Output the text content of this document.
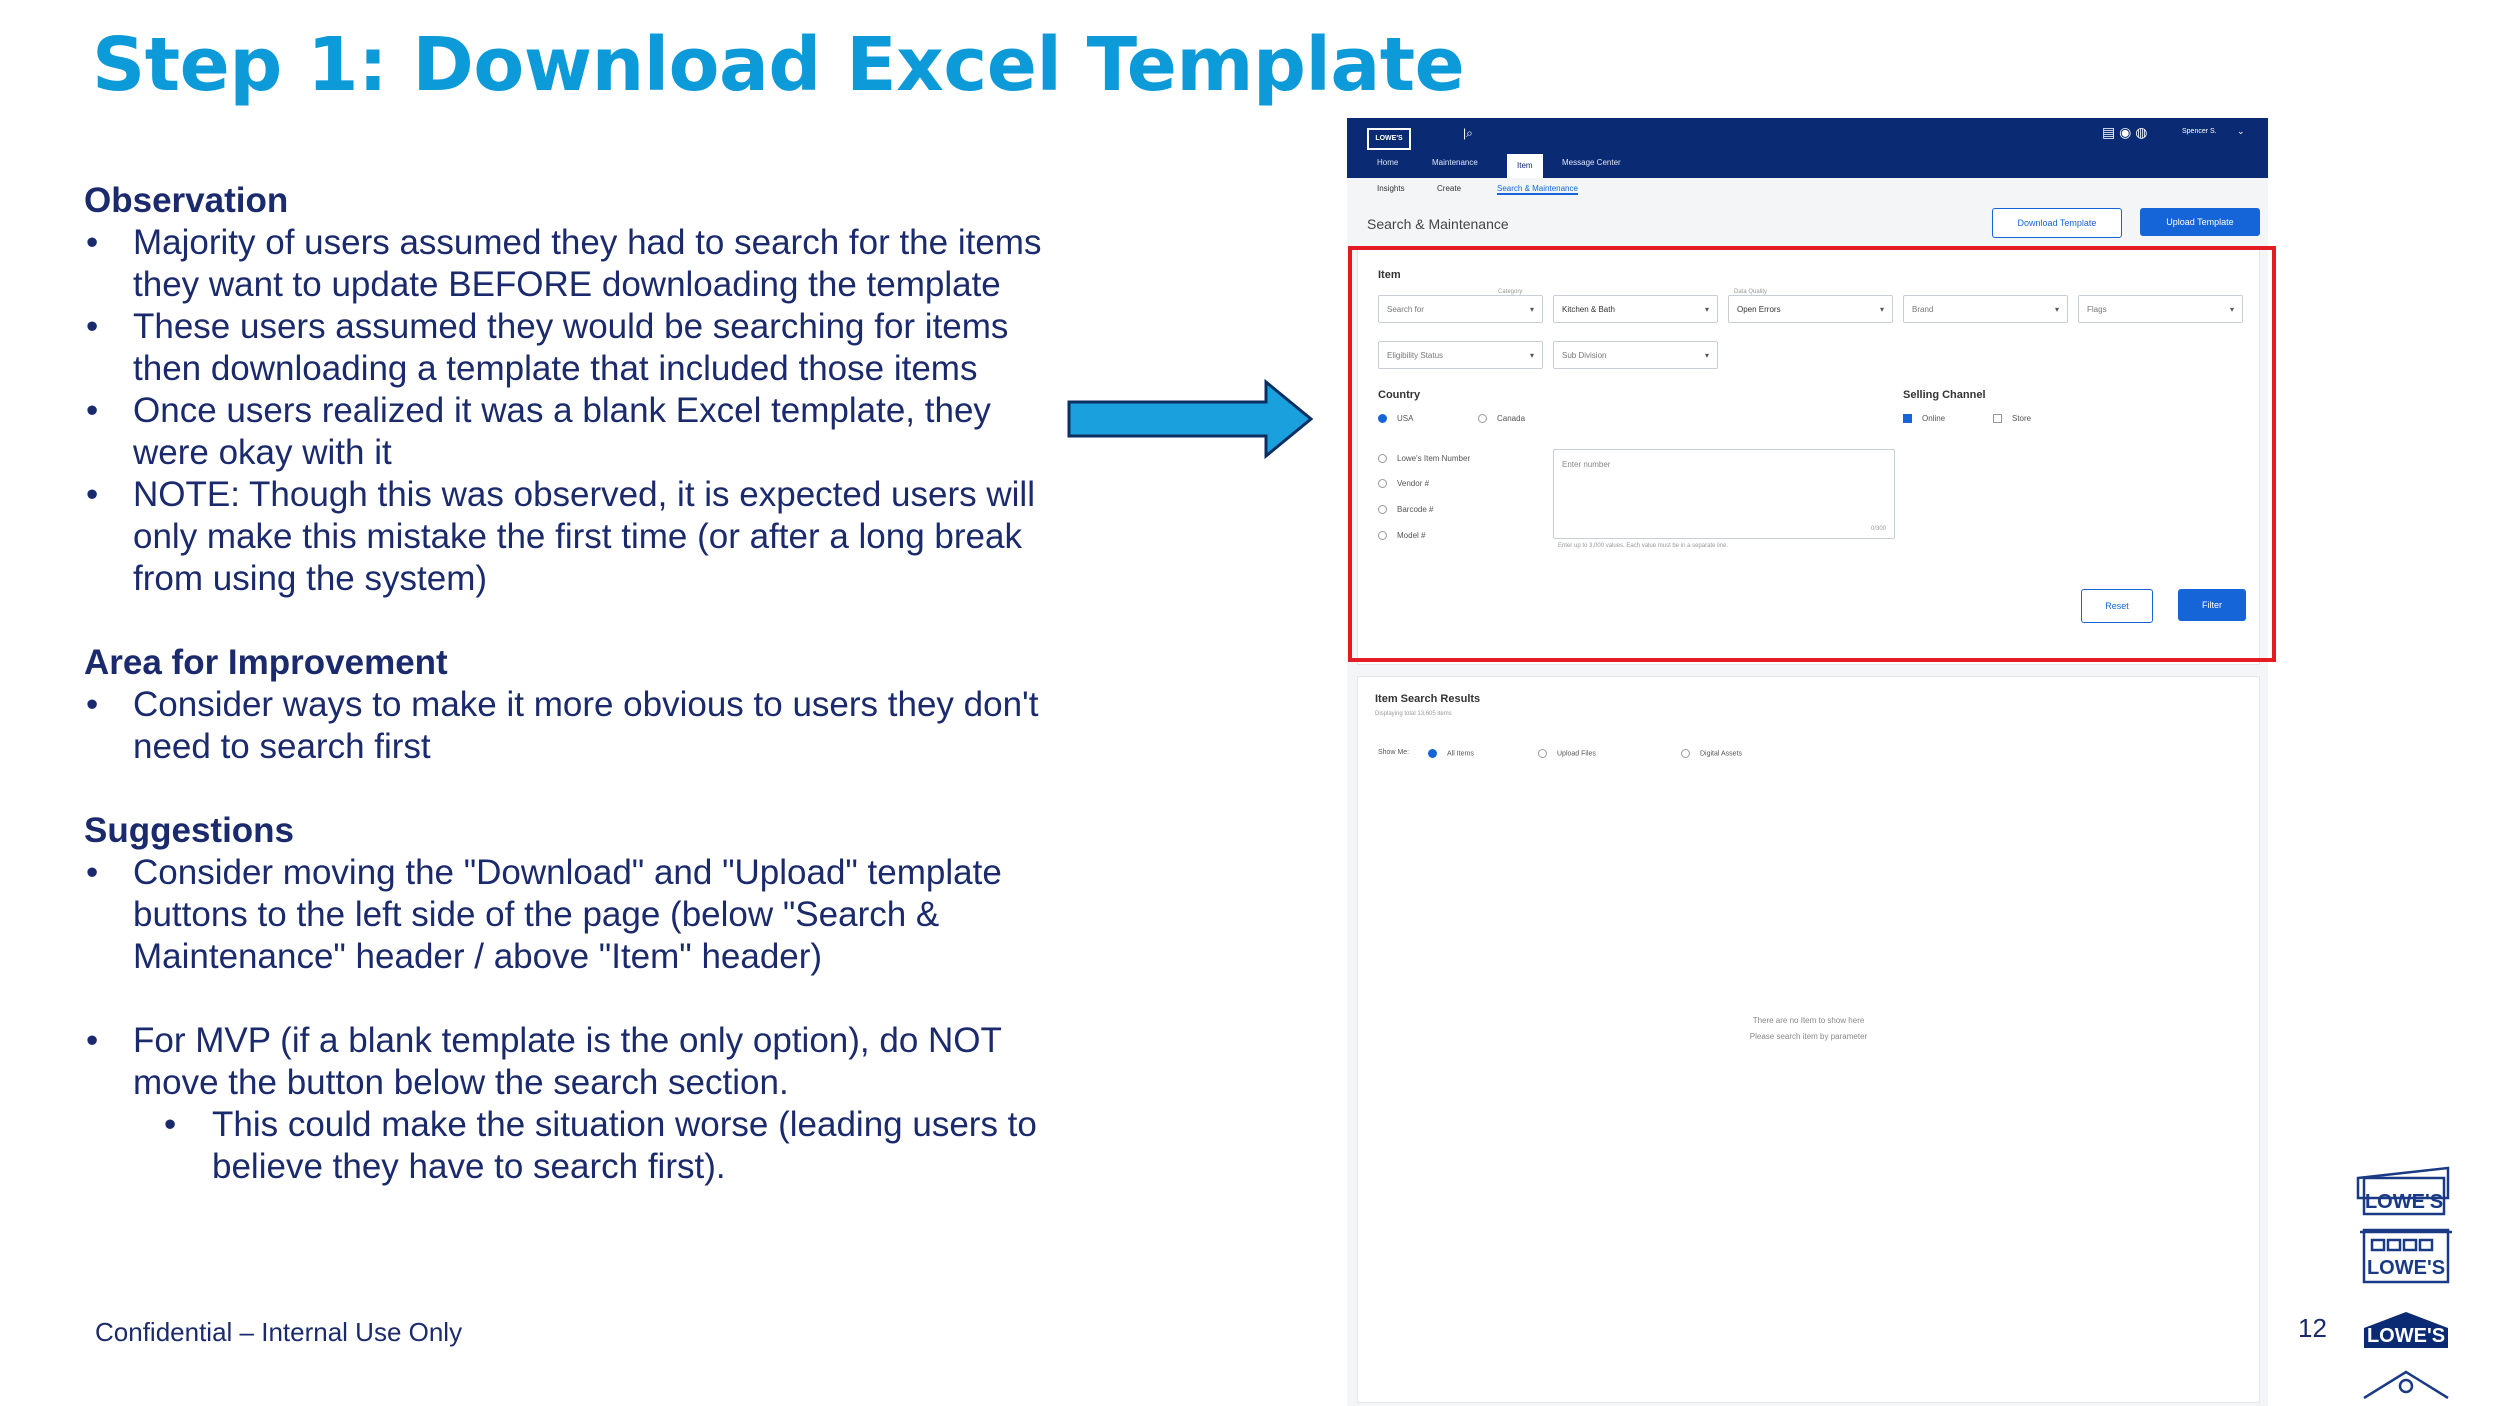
Step 1: Download Excel Template
Observation
• Majority of users assumed they had to search for the items they want to update BEFORE downloading the template
• These users assumed they would be searching for items then downloading a template that included those items
• Once users realized it was a blank Excel template, they were okay with it
• NOTE: Though this was observed, it is expected users will only make this mistake the first time (or after a long break from using the system)
Area for Improvement
• Consider ways to make it more obvious to users they don't need to search first
Suggestions
• Consider moving the "Download" and "Upload" template buttons to the left side of the page (below "Search & Maintenance" header / above "Item" header)
• For MVP (if a blank template is the only option), do NOT move the button below the search section.
• This could make the situation worse (leading users to believe they have to search first).
LOWE'S	|⌕	▤ ◉ ◍	Spencer S. ⌄
Home	Maintenance	Item	Message Center
Insights	Create	Search & Maintenance
Search & Maintenance	Download Template	Upload Template
Item
Search for	▾
Category
Kitchen & Bath	▾
Data Quality
Open Errors	▾	Brand	▾	Flags	▾
Eligibility Status	▾	Sub Division	▾
Country
USA	Canada
Selling Channel
Online	Store
Lowe's Item Number
Vendor #
Barcode #
Model #
Enter number
0/300
Enter up to 3,000 values. Each value must be in a separate line.
Reset	Filter
Item Search Results
Displaying total 13,605 items
Show Me:	All Items	Upload Files	Digital Assets
There are no Item to show here
Please search item by parameter
LOWE'S
LOWE'S
LOWE'S
Confidential – Internal Use Only	12
